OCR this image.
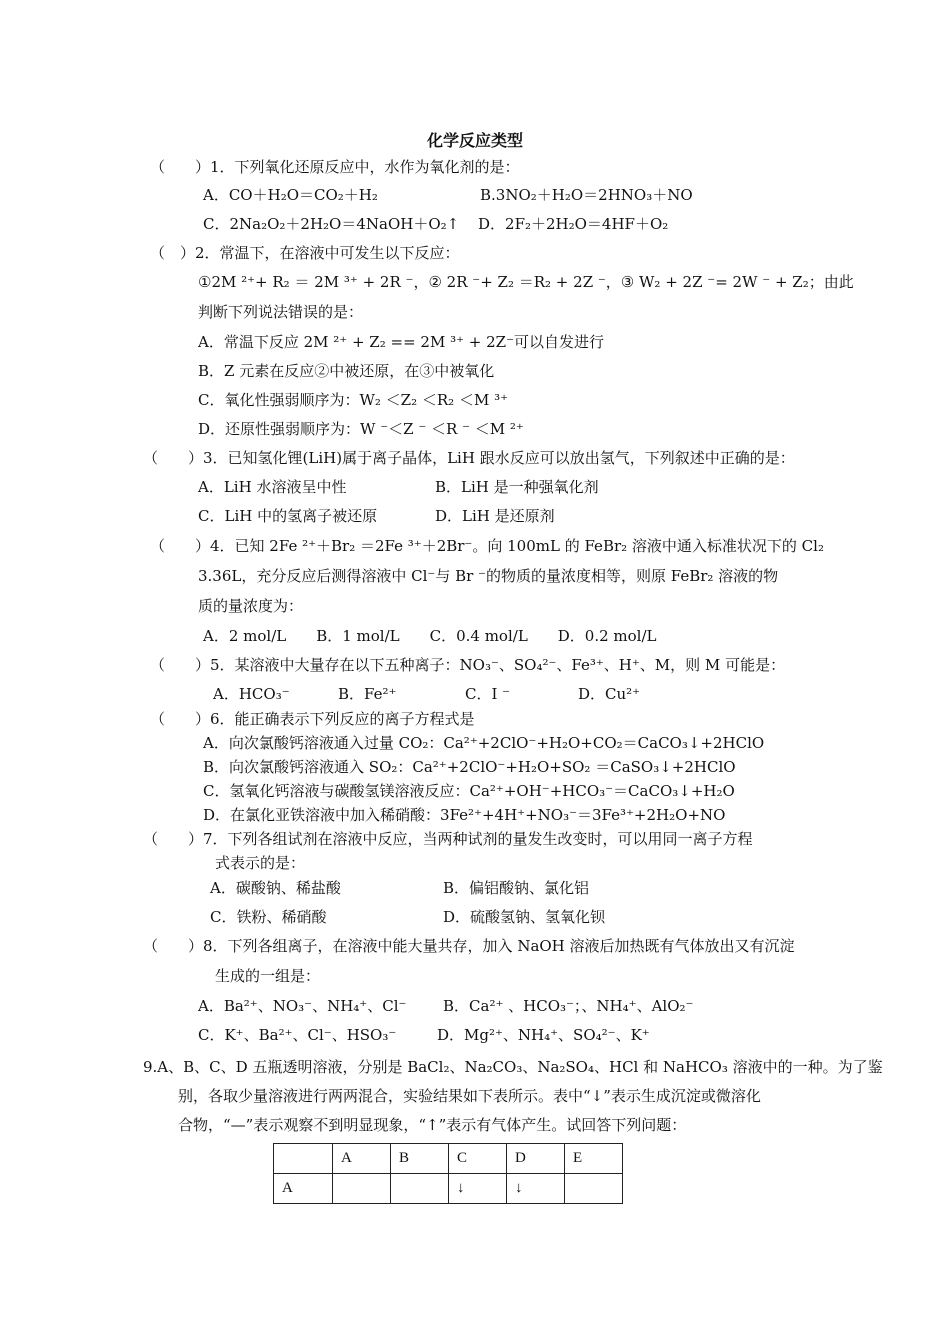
化学反应类型
（　　）1．下列氧化还原反应中，水作为氧化剂的是：
A．CO＋H₂O＝CO₂＋H₂	B.3NO₂＋H₂O＝2HNO₃＋NO
C．2Na₂O₂＋2H₂O＝4NaOH＋O₂↑ D．2F₂＋2H₂O＝4HF＋O₂
（　）2．常温下，在溶液中可发生以下反应：
①2M ²⁺+ R₂ ＝ 2M ³⁺ + 2R ⁻，② 2R ⁻+ Z₂ ＝R₂ + 2Z ⁻，③ W₂ + 2Z ⁻= 2W ⁻ + Z₂；由此
判断下列说法错误的是：
A．常温下反应 2M ²⁺ + Z₂ == 2M ³⁺ + 2Z⁻可以自发进行
B．Z 元素在反应②中被还原，在③中被氧化
C．氧化性强弱顺序为：W₂ ＜Z₂ ＜R₂ ＜M ³⁺
D．还原性强弱顺序为：W ⁻＜Z ⁻ ＜R ⁻ ＜M ²⁺
（　　）3．已知氢化锂(LiH)属于离子晶体，LiH 跟水反应可以放出氢气，下列叙述中正确的是：
A．LiH 水溶液呈中性	B．LiH 是一种强氧化剂
C．LiH 中的氢离子被还原	D．LiH 是还原剂
（　　）4．已知 2Fe ²⁺＋Br₂ ＝2Fe ³⁺＋2Br⁻。向 100mL 的 FeBr₂ 溶液中通入标准状况下的 Cl₂
3.36L，充分反应后测得溶液中 Cl⁻与 Br ⁻的物质的量浓度相等，则原 FeBr₂ 溶液的物
质的量浓度为：
A．2 mol/L　　B．1 mol/L　　C．0.4 mol/L　　D．0.2 mol/L
（　　）5．某溶液中大量存在以下五种离子：NO₃⁻、SO₄²⁻、Fe³⁺、H⁺、M，则 M 可能是：
A．HCO₃⁻	B．Fe²⁺	C．I ⁻	D．Cu²⁺
（　　）6．能正确表示下列反应的离子方程式是
A．向次氯酸钙溶液通入过量 CO₂：Ca²⁺+2ClO⁻+H₂O+CO₂＝CaCO₃↓+2HClO
B．向次氯酸钙溶液通入 SO₂：Ca²⁺+2ClO⁻+H₂O+SO₂ ＝CaSO₃↓+2HClO
C．氢氧化钙溶液与碳酸氢镁溶液反应：Ca²⁺+OH⁻+HCO₃⁻＝CaCO₃↓+H₂O
D．在氯化亚铁溶液中加入稀硝酸：3Fe²⁺+4H⁺+NO₃⁻＝3Fe³⁺+2H₂O+NO
（　　）7．下列各组试剂在溶液中反应，当两种试剂的量发生改变时，可以用同一离子方程
式表示的是：
A．碳酸钠、稀盐酸	B．偏铝酸钠、氯化铝
C．铁粉、稀硝酸	D．硫酸氢钠、氢氧化钡
（　　）8．下列各组离子，在溶液中能大量共存，加入 NaOH 溶液后加热既有气体放出又有沉淀
生成的一组是：
A．Ba²⁺、NO₃⁻、NH₄⁺、Cl⁻ B．Ca²⁺ 、HCO₃⁻；、NH₄⁺、AlO₂⁻
C．K⁺、Ba²⁺、Cl⁻、HSO₃⁻	D．Mg²⁺、NH₄⁺、SO₄²⁻、K⁺
9.A、B、C、D 五瓶透明溶液，分别是 BaCl₂、Na₂CO₃、Na₂SO₄、HCl 和 NaHCO₃ 溶液中的一种。为了鉴
别，各取少量溶液进行两两混合，实验结果如下表所示。表中“↓”表示生成沉淀或微溶化
合物，“—”表示观察不到明显现象，“↑”表示有气体产生。试回答下列问题：
	A	B	C	D	E
A			↓	↓	
